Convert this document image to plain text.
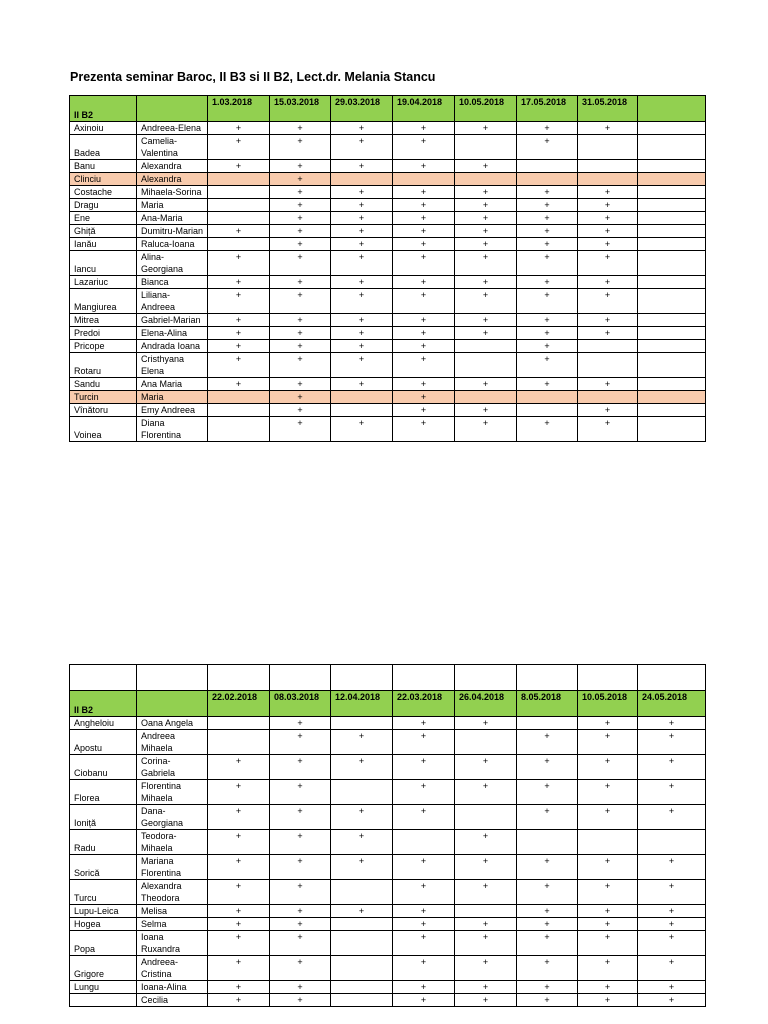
Prezenta seminar Baroc, II B3 si II B2, Lect.dr. Melania Stancu
II B2		1.03.2018	15.03.2018	29.03.2018	19.04.2018	10.05.2018	17.05.2018	31.05.2018	
Axinoiu	Andreea-Elena	+	+	+	+	+	+	+	
Badea	Camelia-Valentina	+	+	+	+		+		
Banu	Alexandra	+	+	+	+	+			
Clinciu	Alexandra		+						
Costache	Mihaela-Sorina		+	+	+	+	+	+	
Dragu	Maria		+	+	+	+	+	+	
Ene	Ana-Maria		+	+	+	+	+	+	
Ghiță	Dumitru-Marian	+	+	+	+	+	+	+	
Ianău	Raluca-Ioana		+	+	+	+	+	+	
Iancu	Alina-Georgiana	+	+	+	+	+	+	+	
Lazariuc	Bianca	+	+	+	+	+	+	+	
Mangiurea	Liliana-Andreea	+	+	+	+	+	+	+	
Mitrea	Gabriel-Marian	+	+	+	+	+	+	+	
Predoi	Elena-Alina	+	+	+	+	+	+	+	
Pricope	Andrada Ioana	+	+	+	+		+		
Rotaru	Cristhyana Elena	+	+	+	+		+		
Sandu	Ana Maria	+	+	+	+	+	+	+	
Turcin	Maria		+		+				
Vînătoru	Emy Andreea		+		+	+		+	
Voinea	Diana Florentina		+	+	+	+	+	+	

II B2		22.02.2018	08.03.2018	12.04.2018	22.03.2018	26.04.2018	8.05.2018	10.05.2018	24.05.2018
Angheloiu	Oana Angela		+		+	+		+	+
Apostu	Andreea Mihaela		+	+	+		+	+	+
Ciobanu	Corina-Gabriela	+	+	+	+	+	+	+	+
Florea	Florentina Mihaela	+	+		+	+	+	+	+
Ioniță	Dana-Georgiana	+	+	+	+		+	+	+
Radu	Teodora-Mihaela	+	+	+		+			
Sorică	Mariana Florentina	+	+	+	+	+	+	+	+
Turcu	Alexandra Theodora	+	+		+	+	+	+	+
Lupu-Leica	Melisa	+	+	+	+		+	+	+
Hogea	Selma	+	+		+	+	+	+	+
Popa	Ioana Ruxandra	+	+		+	+	+	+	+
Grigore	Andreea-Cristina	+	+		+	+	+	+	+
Lungu	Ioana-Alina	+	+		+	+	+	+	+
	Cecilia	+	+		+	+	+	+	+
